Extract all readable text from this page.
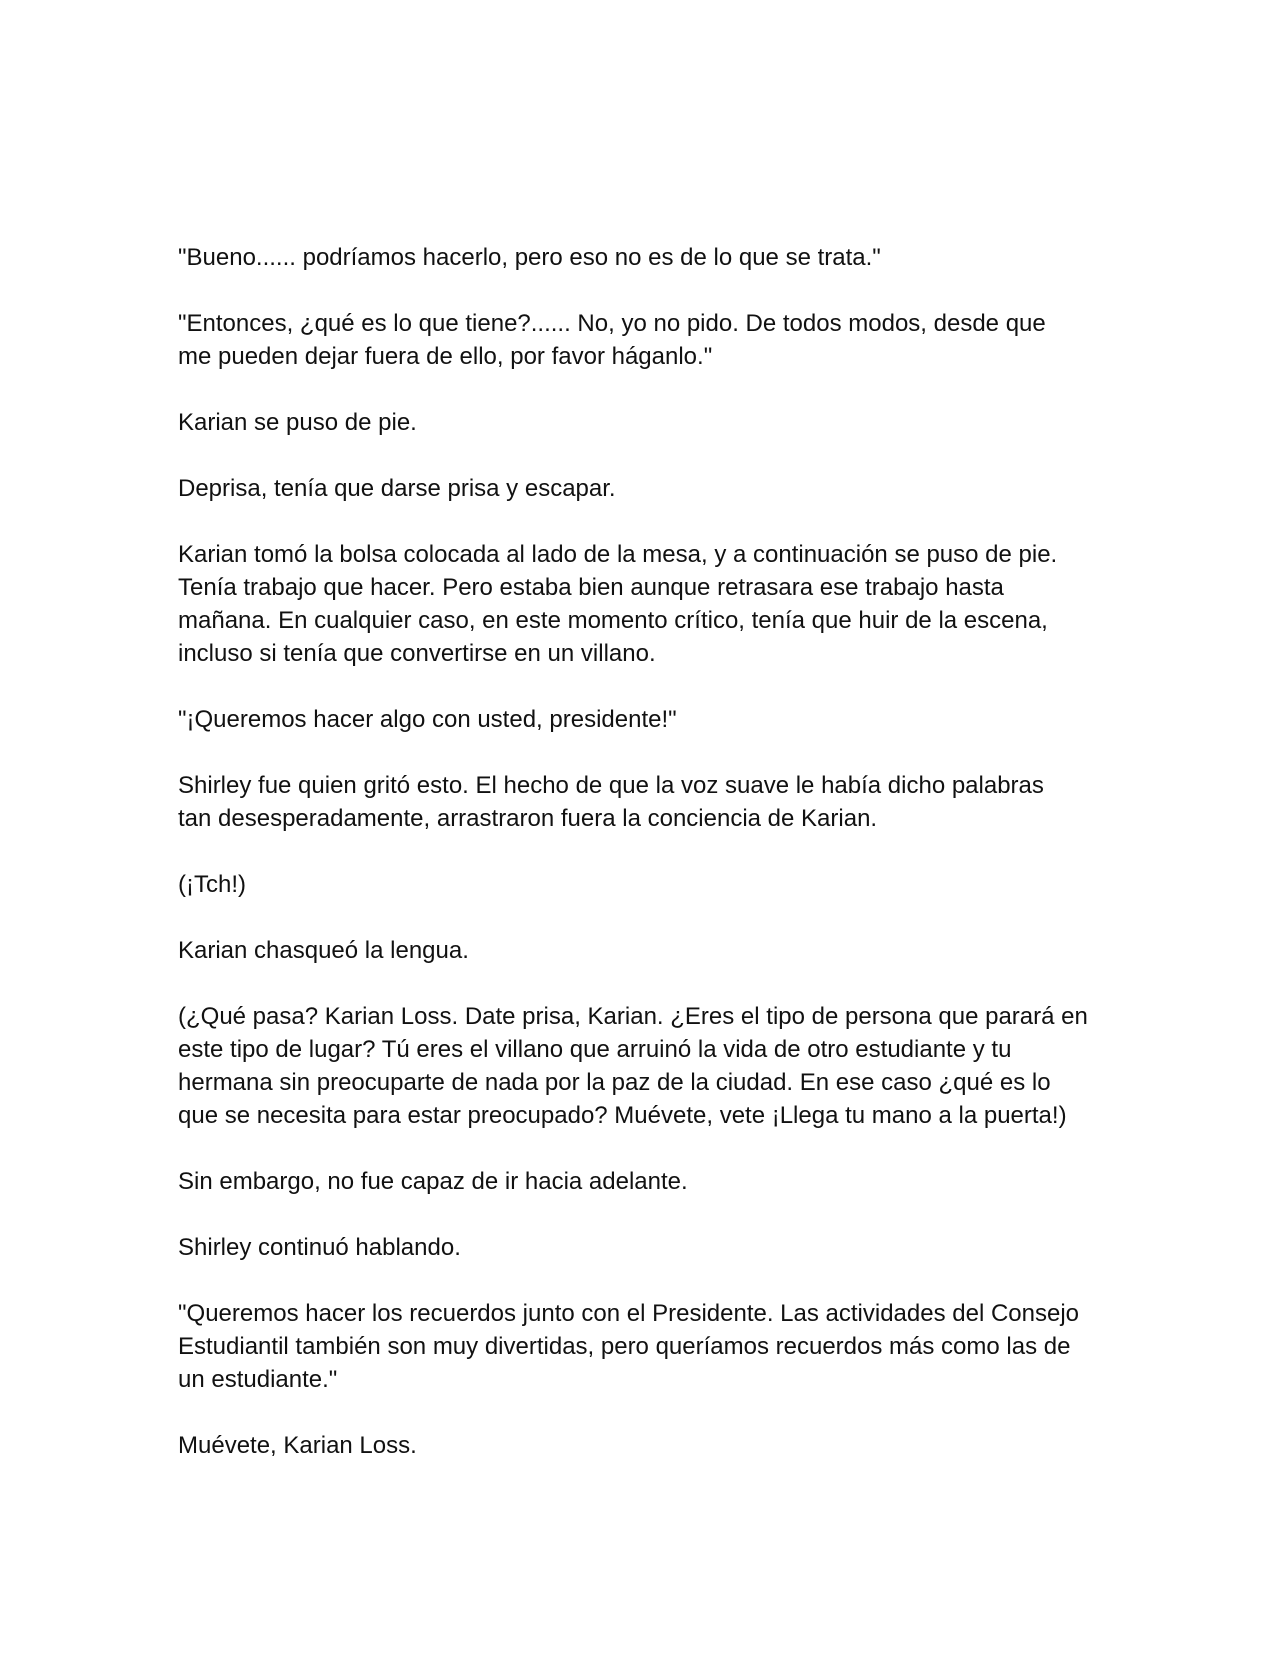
"Bueno...... podríamos hacerlo, pero eso no es de lo que se trata."

"Entonces, ¿qué es lo que tiene?...... No, yo no pido. De todos modos, desde que
me pueden dejar fuera de ello, por favor háganlo."

Karian se puso de pie.

Deprisa, tenía que darse prisa y escapar.

Karian tomó la bolsa colocada al lado de la mesa, y a continuación se puso de pie.
Tenía trabajo que hacer. Pero estaba bien aunque retrasara ese trabajo hasta
mañana. En cualquier caso, en este momento crítico, tenía que huir de la escena,
incluso si tenía que convertirse en un villano.

"¡Queremos hacer algo con usted, presidente!"

Shirley fue quien gritó esto. El hecho de que la voz suave le había dicho palabras
tan desesperadamente, arrastraron fuera la conciencia de Karian.

(¡Tch!)

Karian chasqueó la lengua.

(¿Qué pasa? Karian Loss. Date prisa, Karian. ¿Eres el tipo de persona que parará en
este tipo de lugar? Tú eres el villano que arruinó la vida de otro estudiante y tu
hermana sin preocuparte de nada por la paz de la ciudad. En ese caso ¿qué es lo
que se necesita para estar preocupado? Muévete, vete ¡Llega tu mano a la puerta!)

Sin embargo, no fue capaz de ir hacia adelante.

Shirley continuó hablando.

"Queremos hacer los recuerdos junto con el Presidente. Las actividades del Consejo
Estudiantil también son muy divertidas, pero queríamos recuerdos más como las de
un estudiante."

Muévete, Karian Loss.
